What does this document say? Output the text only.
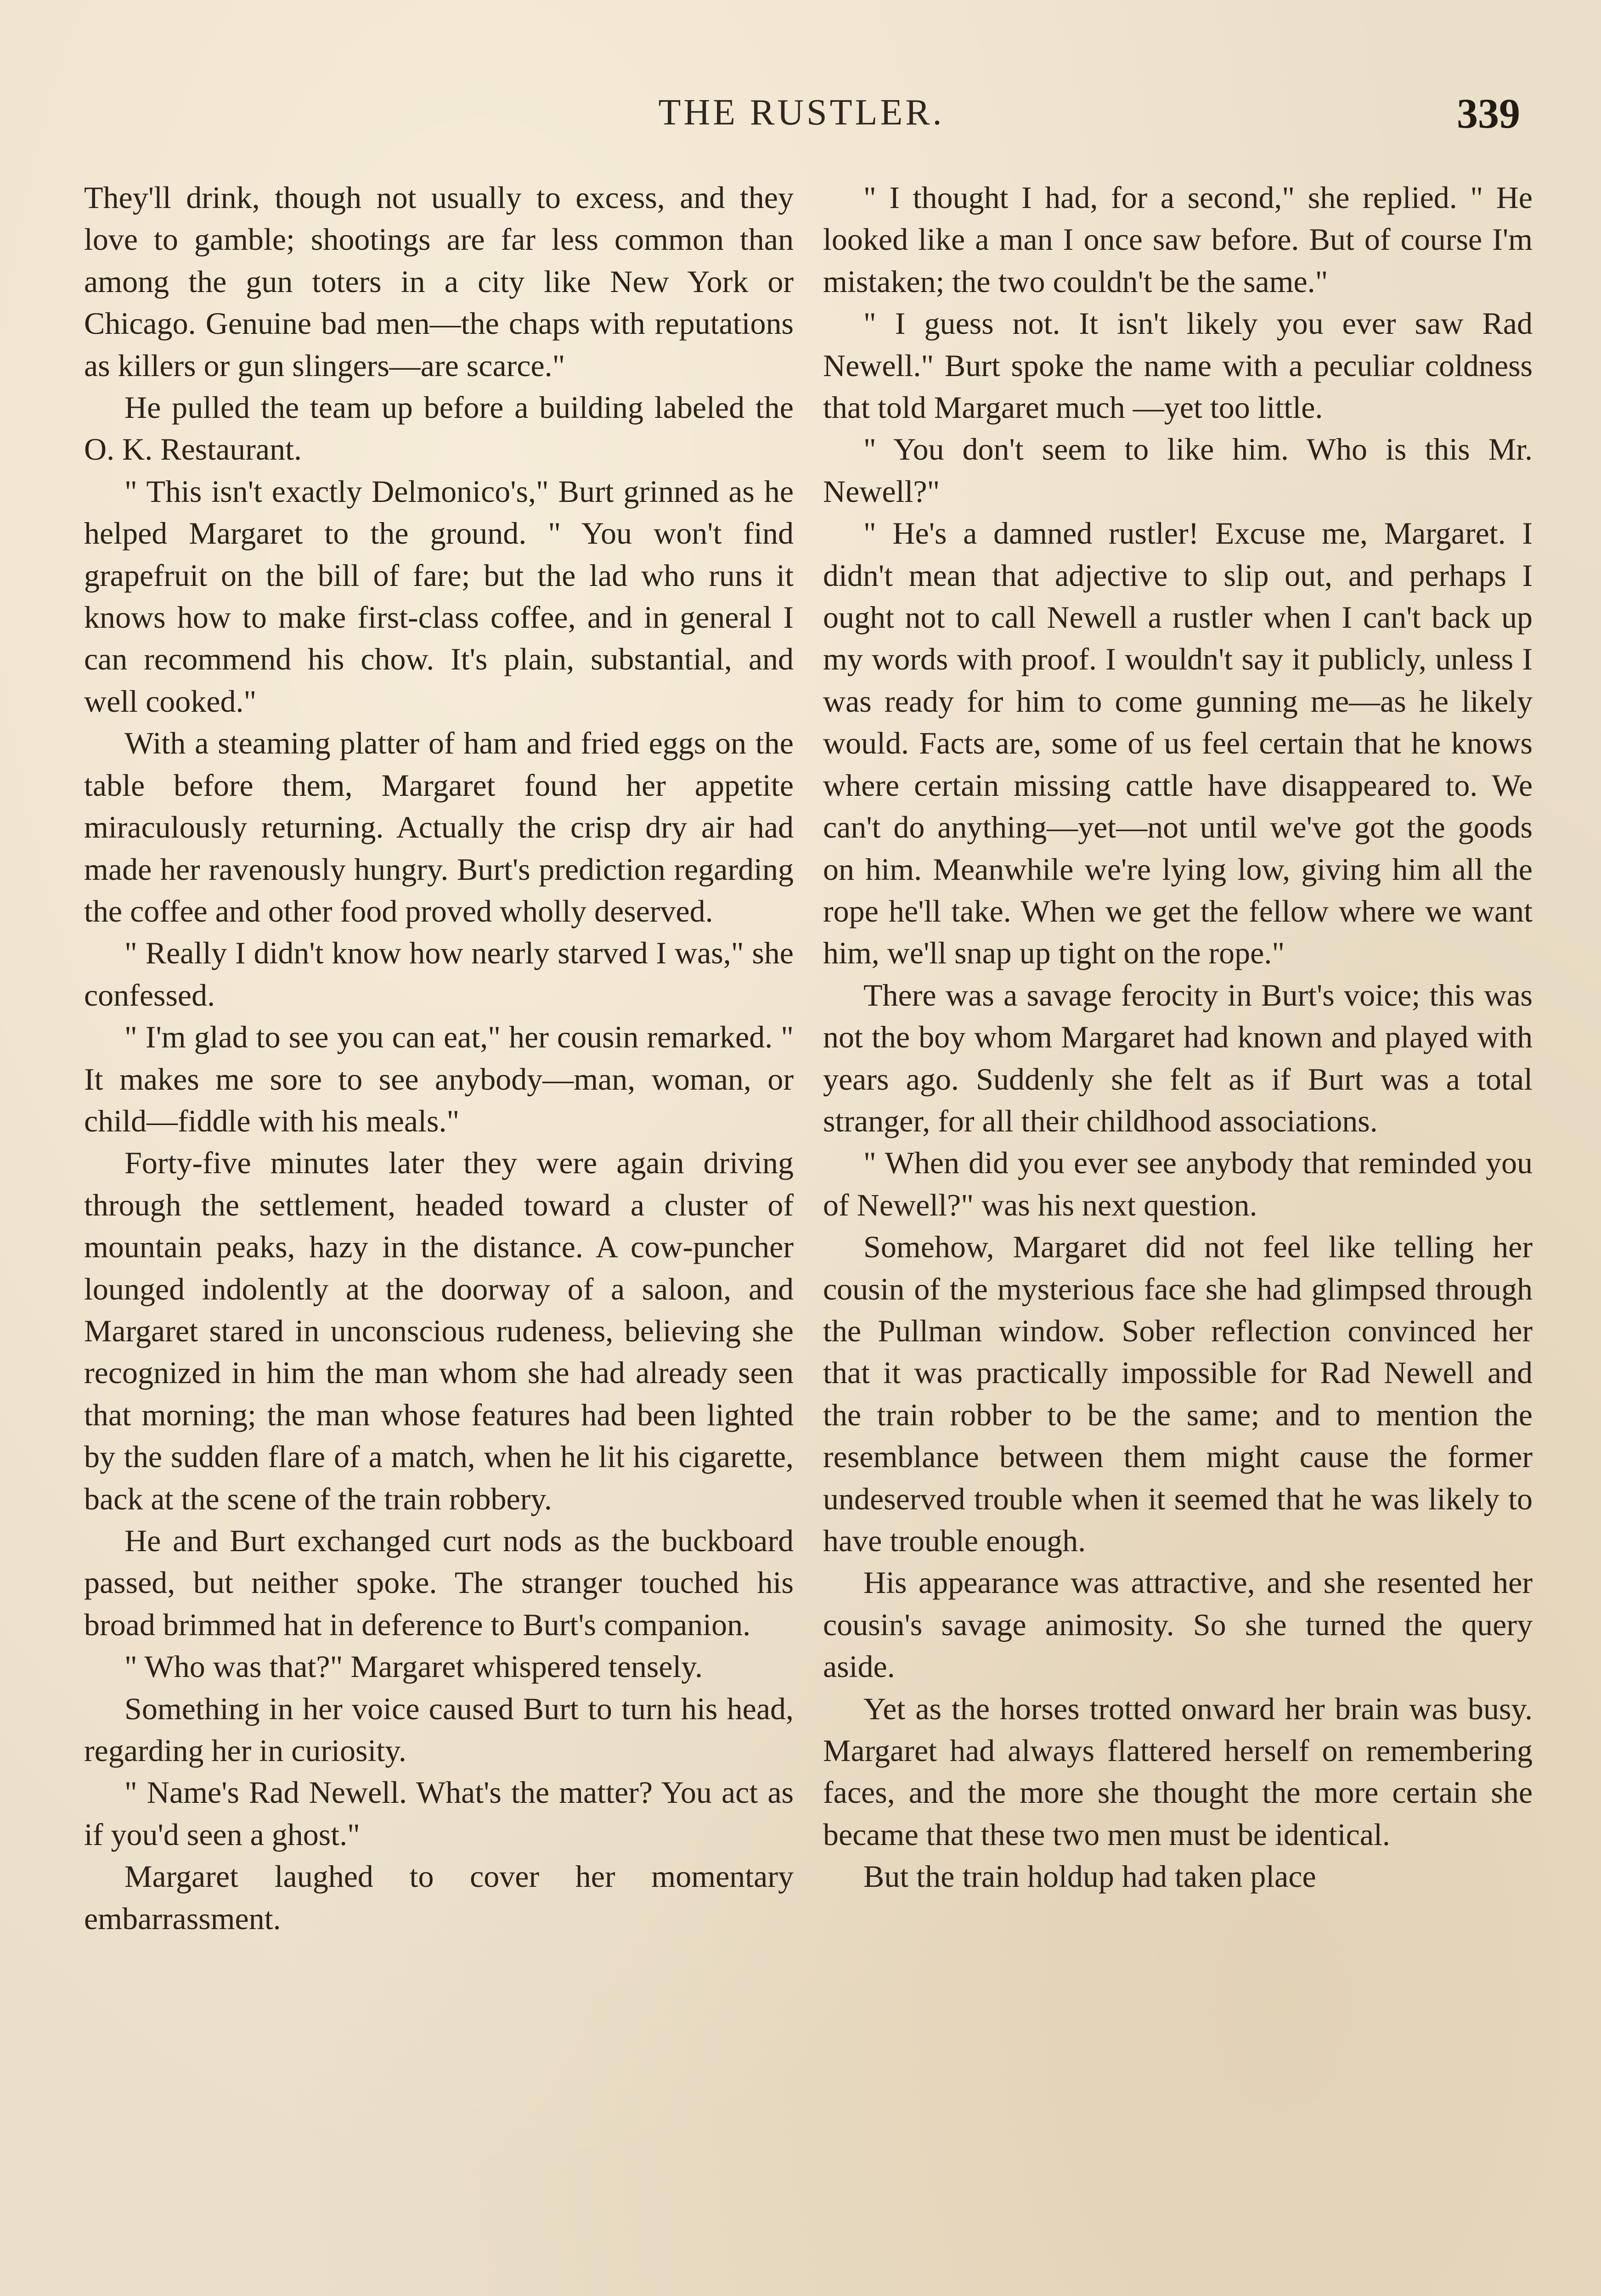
THE RUSTLER.	339

They'll drink, though not usually to excess, and they love to gamble; shootings are far less common than among the gun toters in a city like New York or Chicago. Genuine bad men—the chaps with reputations as killers or gun slingers—are scarce."

He pulled the team up before a building labeled the O. K. Restaurant.

" This isn't exactly Delmonico's," Burt grinned as he helped Margaret to the ground. " You won't find grapefruit on the bill of fare; but the lad who runs it knows how to make first-class coffee, and in general I can recommend his chow. It's plain, substantial, and well cooked."

With a steaming platter of ham and fried eggs on the table before them, Margaret found her appetite miraculously returning. Actually the crisp dry air had made her ravenously hungry. Burt's prediction regarding the coffee and other food proved wholly deserved.

" Really I didn't know how nearly starved I was," she confessed.

" I'm glad to see you can eat," her cousin remarked. " It makes me sore to see anybody—man, woman, or child—fiddle with his meals."

Forty-five minutes later they were again driving through the settlement, headed toward a cluster of mountain peaks, hazy in the distance. A cow-puncher lounged indolently at the doorway of a saloon, and Margaret stared in unconscious rudeness, believing she recognized in him the man whom she had already seen that morning; the man whose features had been lighted by the sudden flare of a match, when he lit his cigarette, back at the scene of the train robbery.

He and Burt exchanged curt nods as the buckboard passed, but neither spoke. The stranger touched his broad brimmed hat in deference to Burt's companion.

" Who was that?" Margaret whispered tensely.

Something in her voice caused Burt to turn his head, regarding her in curiosity.

" Name's Rad Newell. What's the matter? You act as if you'd seen a ghost."

Margaret laughed to cover her momentary embarrassment.

" I thought I had, for a second," she replied. " He looked like a man I once saw before. But of course I'm mistaken; the two couldn't be the same."

" I guess not. It isn't likely you ever saw Rad Newell." Burt spoke the name with a peculiar coldness that told Margaret much —yet too little.

" You don't seem to like him. Who is this Mr. Newell?"

" He's a damned rustler! Excuse me, Margaret. I didn't mean that adjective to slip out, and perhaps I ought not to call Newell a rustler when I can't back up my words with proof. I wouldn't say it publicly, unless I was ready for him to come gunning me—as he likely would. Facts are, some of us feel certain that he knows where certain missing cattle have disappeared to. We can't do anything—yet—not until we've got the goods on him. Meanwhile we're lying low, giving him all the rope he'll take. When we get the fellow where we want him, we'll snap up tight on the rope."

There was a savage ferocity in Burt's voice; this was not the boy whom Margaret had known and played with years ago. Suddenly she felt as if Burt was a total stranger, for all their childhood associations.

" When did you ever see anybody that reminded you of Newell?" was his next question.

Somehow, Margaret did not feel like telling her cousin of the mysterious face she had glimpsed through the Pullman window. Sober reflection convinced her that it was practically impossible for Rad Newell and the train robber to be the same; and to mention the resemblance between them might cause the former undeserved trouble when it seemed that he was likely to have trouble enough.

His appearance was attractive, and she resented her cousin's savage animosity. So she turned the query aside.

Yet as the horses trotted onward her brain was busy. Margaret had always flattered herself on remembering faces, and the more she thought the more certain she became that these two men must be identical.

But the train holdup had taken place
